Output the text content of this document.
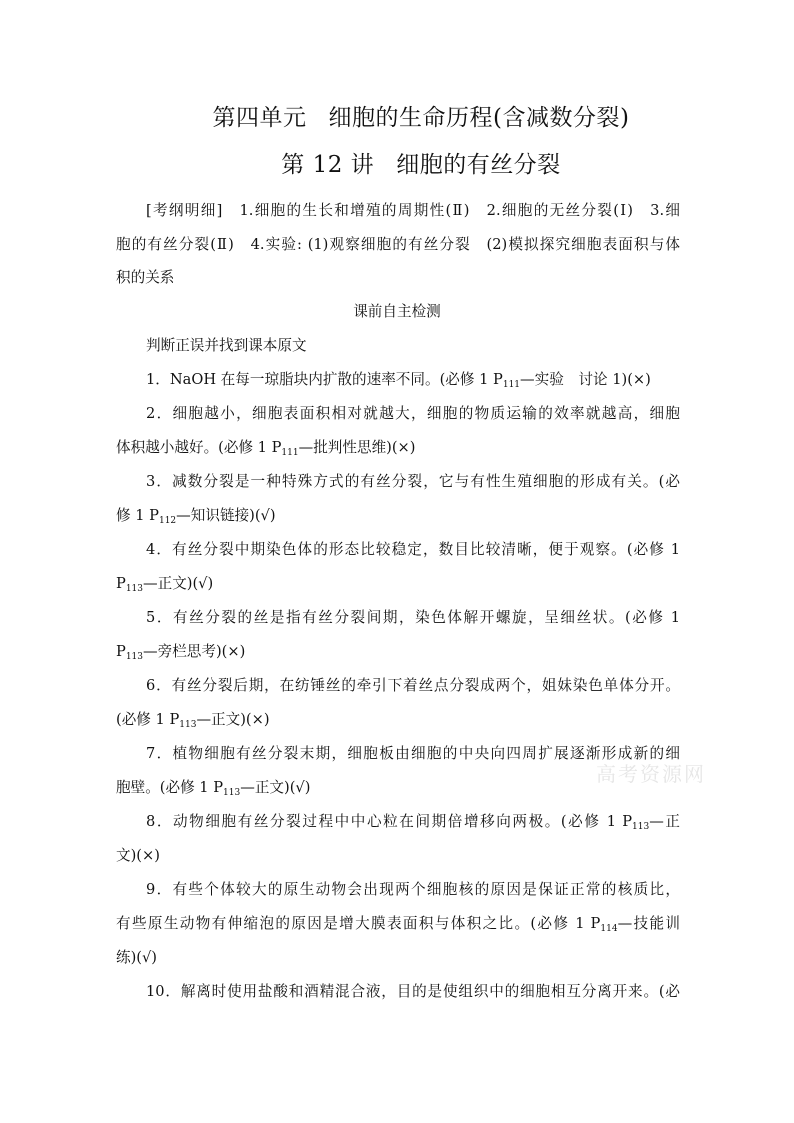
第四单元 细胞的生命历程(含减数分裂)
第 12 讲 细胞的有丝分裂
[考纲明细]　1.细胞的生长和增殖的周期性(Ⅱ)　2.细胞的无丝分裂(Ⅰ)　3.细
胞的有丝分裂(Ⅱ)　4.实验: (1)观察细胞的有丝分裂　(2)模拟探究细胞表面积与体
积的关系
课前自主检测
判断正误并找到课本原文
1．NaOH 在每一琼脂块内扩散的速率不同。(必修 1 $P_{111}—$实验　讨论 1)(×)
2．细胞越小，细胞表面积相对就越大，细胞的物质运输的效率就越高，细胞
体积越小越好。(必修 1 $P_{111}—$批判性思维)(×)
3．减数分裂是一种特殊方式的有丝分裂，它与有性生殖细胞的形成有关。(必
修 1 $P_{112}—$知识链接)(√)
4．有丝分裂中期染色体的形态比较稳定，数目比较清晰，便于观察。(必修 1
$P_{113}—$正文)(√)
5．有丝分裂的丝是指有丝分裂间期，染色体解开螺旋，呈细丝状。(必修 1
$P_{113}—$旁栏思考)(×)
6．有丝分裂后期，在纺锤丝的牵引下着丝点分裂成两个，姐妹染色单体分开。
(必修 1 $P_{113}—$正文)(×)
7．植物细胞有丝分裂末期，细胞板由细胞的中央向四周扩展逐渐形成新的细
胞壁。(必修 1 $P_{113}—$正文)(√)
8．动物细胞有丝分裂过程中中心粒在间期倍增移向两极。(必修 1 $P_{113}—$正
文)(×)
9．有些个体较大的原生动物会出现两个细胞核的原因是保证正常的核质比，
有些原生动物有伸缩泡的原因是增大膜表面积与体积之比。(必修 1 $P_{114}—$技能训
练)(√)
10．解离时使用盐酸和酒精混合液，目的是使组织中的细胞相互分离开来。(必
高考资源网
